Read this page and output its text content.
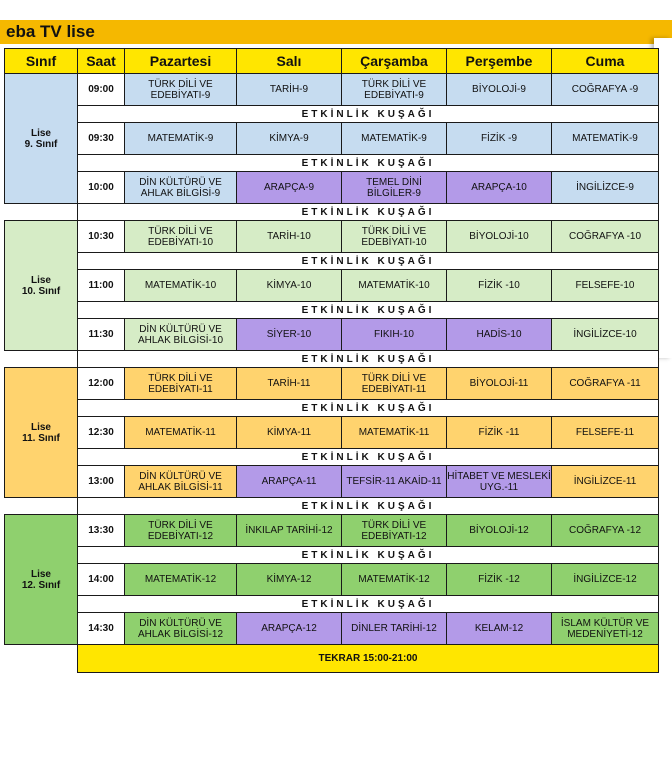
eba TV lise
Sınıf	Saat	Pazartesi	Salı	Çarşamba	Perşembe	Cuma

Lise
9. Sınıf	09:00	TÜRK DİLİ VE EDEBİYATI-9	TARİH-9	TÜRK DİLİ VE EDEBİYATI-9	BİYOLOJİ-9	COĞRAFYA -9
	ETKİNLİK KUŞAĞI					
	09:30	MATEMATİK-9	KİMYA-9	MATEMATİK-9	FİZİK -9	MATEMATİK-9
	ETKİNLİK KUŞAĞI					
	10:00	DİN KÜLTÜRÜ VE AHLAK BİLGİSİ-9	ARAPÇA-9	TEMEL DİNİ BİLGİLER-9	ARAPÇA-10	İNGİLİZCE-9
	ETKİNLİK KUŞAĞI					

Lise
10. Sınıf	10:30	TÜRK DİLİ VE EDEBİYATI-10	TARİH-10	TÜRK DİLİ VE EDEBİYATI-10	BİYOLOJİ-10	COĞRAFYA -10
	ETKİNLİK KUŞAĞI					
	11:00	MATEMATİK-10	KİMYA-10	MATEMATİK-10	FİZİK -10	FELSEFE-10
	ETKİNLİK KUŞAĞI					
	11:30	DİN KÜLTÜRÜ VE AHLAK BİLGİSİ-10	SİYER-10	FIKIH-10	HADİS-10	İNGİLİZCE-10
	ETKİNLİK KUŞAĞI					

Lise
11. Sınıf	12:00	TÜRK DİLİ VE EDEBİYATI-11	TARİH-11	TÜRK DİLİ VE EDEBİYATI-11	BİYOLOJİ-11	COĞRAFYA -11
	ETKİNLİK KUŞAĞI					
	12:30	MATEMATİK-11	KİMYA-11	MATEMATİK-11	FİZİK -11	FELSEFE-11
	ETKİNLİK KUŞAĞI					
	13:00	DİN KÜLTÜRÜ VE AHLAK BİLGİSİ-11	ARAPÇA-11	TEFSİR-11 AKAİD-11	HİTABET VE MESLEKİ UYG.-11	İNGİLİZCE-11
	ETKİNLİK KUŞAĞI					

Lise
12. Sınıf	13:30	TÜRK DİLİ VE EDEBİYATI-12	İNKILAP TARİHİ-12	TÜRK DİLİ VE EDEBİYATI-12	BİYOLOJİ-12	COĞRAFYA -12
	ETKİNLİK KUŞAĞI					
	14:00	MATEMATİK-12	KİMYA-12	MATEMATİK-12	FİZİK -12	İNGİLİZCE-12
	ETKİNLİK KUŞAĞI					
	14:30	DİN KÜLTÜRÜ VE AHLAK BİLGİSİ-12	ARAPÇA-12	DİNLER TARİHİ-12	KELAM-12	İSLAM KÜLTÜR VE MEDENİYETİ-12
	TEKRAR 15:00-21:00					
